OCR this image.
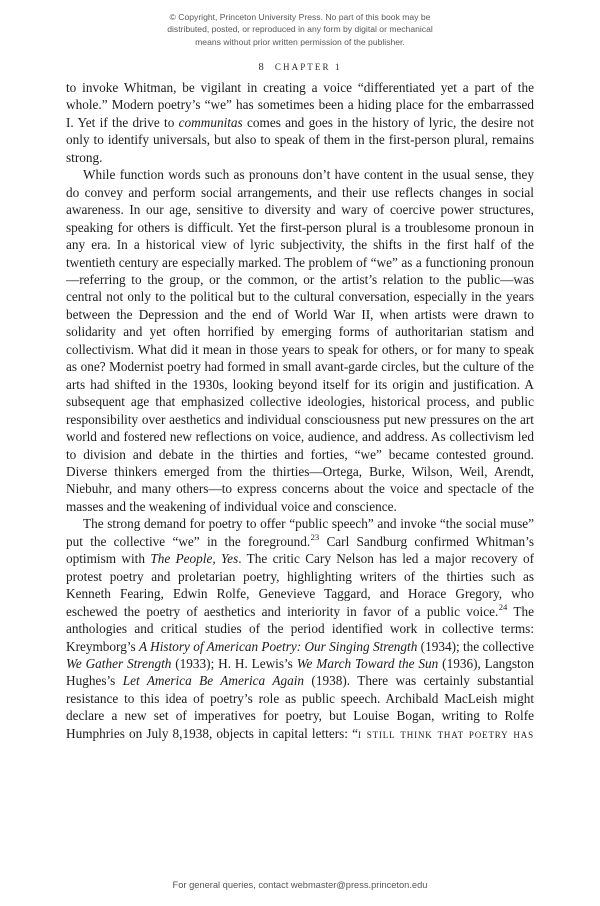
© Copyright, Princeton University Press. No part of this book may be
distributed, posted, or reproduced in any form by digital or mechanical
means without prior written permission of the publisher.
8 CHAPTER 1

to invoke Whitman, be vigilant in creating a voice “differentiated yet a part of the whole.” Modern poetry’s “we” has sometimes been a hiding place for the embarrassed I. Yet if the drive to communitas comes and goes in the history of lyric, the desire not only to identify universals, but also to speak of them in the first-person plural, remains strong.

While function words such as pronouns don’t have content in the usual sense, they do convey and perform social arrangements, and their use reflects changes in social awareness. In our age, sensitive to diversity and wary of coercive power structures, speaking for others is difficult. Yet the first-person plural is a troublesome pronoun in any era. In a historical view of lyric subjectivity, the shifts in the first half of the twentieth century are especially marked. The problem of “we” as a functioning pronoun—referring to the group, or the common, or the artist’s relation to the public—was central not only to the political but to the cultural conversation, especially in the years between the Depression and the end of World War II, when artists were drawn to solidarity and yet often horrified by emerging forms of authoritarian statism and collectivism. What did it mean in those years to speak for others, or for many to speak as one? Modernist poetry had formed in small avant-garde circles, but the culture of the arts had shifted in the 1930s, looking beyond itself for its origin and justification. A subsequent age that emphasized collective ideologies, historical process, and public responsibility over aesthetics and individual consciousness put new pressures on the art world and fostered new reflections on voice, audience, and address. As collectivism led to division and debate in the thirties and forties, “we” became contested ground. Diverse thinkers emerged from the thirties—Ortega, Burke, Wilson, Weil, Arendt, Niebuhr, and many others—to express concerns about the voice and spectacle of the masses and the weakening of individual voice and conscience.

The strong demand for poetry to offer “public speech” and invoke “the social muse” put the collective “we” in the foreground.$^{23}$ Carl Sandburg confirmed Whitman’s optimism with The People, Yes. The critic Cary Nelson has led a major recovery of protest poetry and proletarian poetry, highlighting writers of the thirties such as Kenneth Fearing, Edwin Rolfe, Genevieve Taggard, and Horace Gregory, who eschewed the poetry of aesthetics and interiority in favor of a public voice.$^{24}$ The anthologies and critical studies of the period identified work in collective terms: Kreymborg’s A History of American Poetry: Our Singing Strength (1934); the collective We Gather Strength (1933); H. H. Lewis’s We March Toward the Sun (1936), Langston Hughes’s Let America Be America Again (1938). There was certainly substantial resistance to this idea of poetry’s role as public speech. Archibald MacLeish might declare a new set of imperatives for poetry, but Louise Bogan, writing to Rolfe Humphries on July 8,1938, objects in capital letters: “i still think that poetry has

For general queries, contact webmaster@press.princeton.edu
